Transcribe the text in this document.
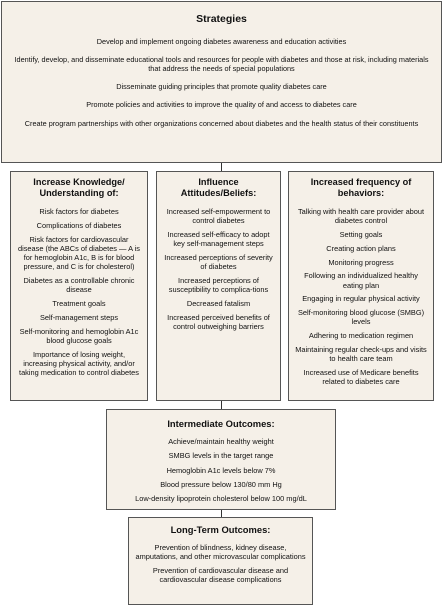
Strategies
Develop and implement ongoing diabetes awareness and education activities
Identify, develop, and disseminate educational tools and resources for people with diabetes and those at risk, including materials that address the needs of special populations
Disseminate guiding principles that promote quality diabetes care
Promote policies and activities to improve the quality of and access to diabetes care
Create program partnerships with other organizations concerned about diabetes and the health status of their constituents
Increase Knowledge/ Understanding of:
Risk factors for diabetes
Complications of diabetes
Risk factors for cardiovascular disease (the ABCs of diabetes — A is for hemoglobin A1c, B is for blood pressure, and C is for cholesterol)
Diabetes as a controllable chronic disease
Treatment goals
Self-management steps
Self-monitoring and hemoglobin A1c blood glucose goals
Importance of losing weight, increasing physical activity, and/or taking medication to control diabetes
Influence Attitudes/Beliefs:
Increased self-empowerment to control diabetes
Increased self-efficacy to adopt key self-management steps
Increased perceptions of severity of diabetes
Increased perceptions of susceptibility to complica-tions
Decreased fatalism
Increased perceived benefits of control outweighing barriers
Increased frequency of behaviors:
Talking with health care provider about diabetes control
Setting goals
Creating action plans
Monitoring progress
Following an individualized healthy eating plan
Engaging in regular physical activity
Self-monitoring blood glucose (SMBG) levels
Adhering to medication regimen
Maintaining regular check-ups and visits to health care team
Increased use of Medicare benefits related to diabetes care
Intermediate Outcomes:
Achieve/maintain healthy weight
SMBG levels in the target range
Hemoglobin A1c levels below 7%
Blood pressure below 130/80 mm Hg
Low-density lipoprotein cholesterol below 100 mg/dL
Long-Term Outcomes:
Prevention of blindness, kidney disease, amputations, and other microvascular complications
Prevention of cardiovascular disease and cardiovascular disease complications
